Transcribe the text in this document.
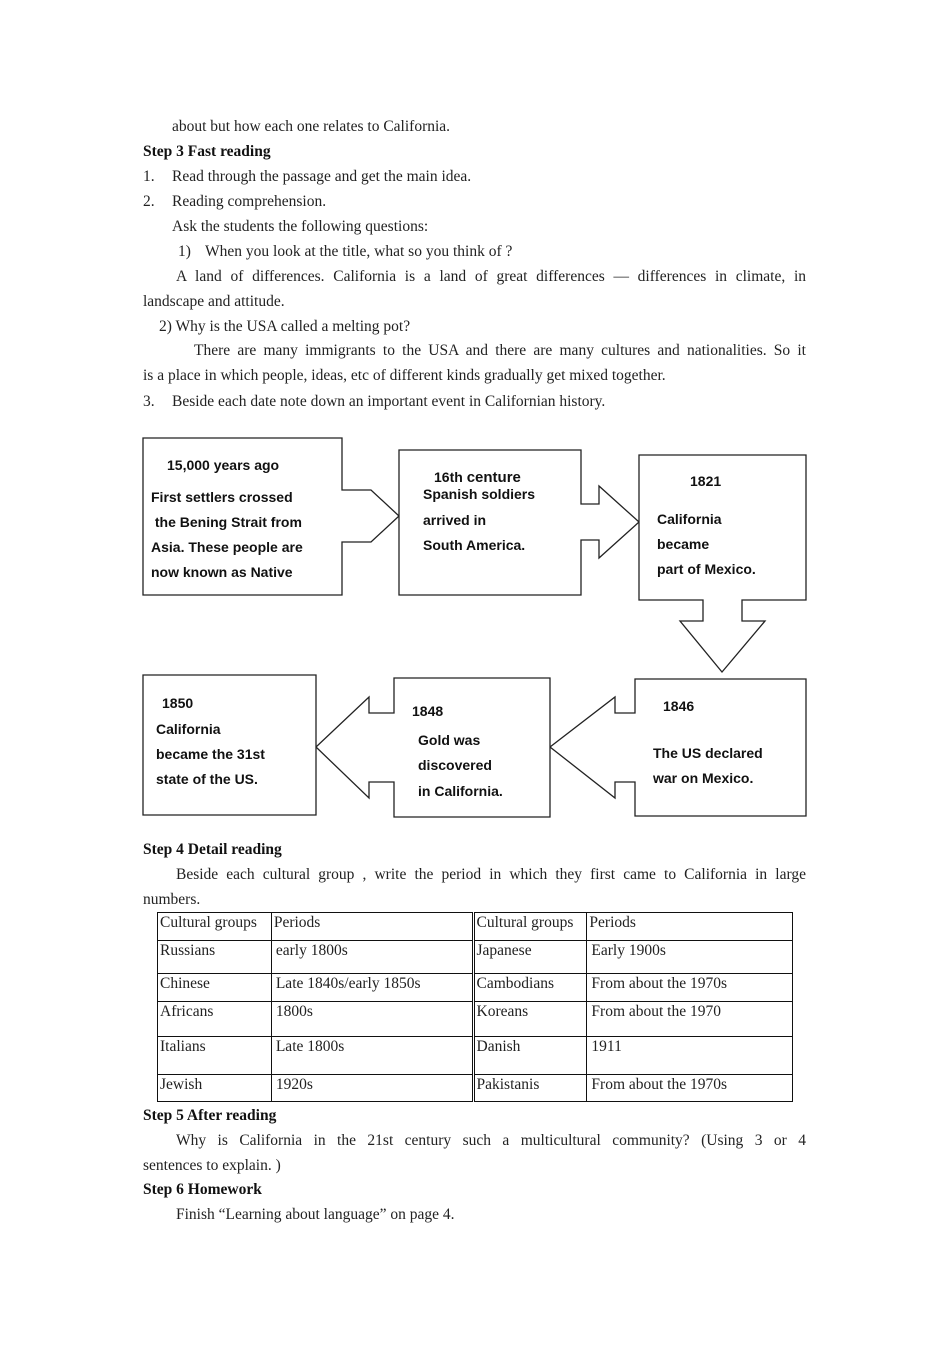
about but how each one relates to California.
Step 3 Fast reading
1. Read through the passage and get the main idea.
2. Reading comprehension.
Ask the students the following questions:
1) When you look at the title, what so you think of ?
A land of differences. California is a land of great differences — differences in climate, in
landscape and attitude.
2) Why is the USA called a melting pot?
There are many immigrants to the USA and there are many cultures and nationalities. So it
is a place in which people, ideas, etc of different kinds gradually get mixed together.
3. Beside each date note down an important event in Californian history.
15,000 years ago
First settlers crossed
the Bening Strait from
Asia. These people are
now known as Native
16th centure
Spanish soldiers
arrived in
South America.
1821
California
became
part of Mexico.
1846
The US declared
war on Mexico.
1848
Gold was
discovered
in California.
1850
California
became the 31st
state of the US.
Step 4 Detail reading
Beside each cultural group , write the period in which they first came to California in large
numbers.
Cultural groups	Periods	Cultural groups	Periods
Russians	early 1800s	Japanese	Early 1900s
Chinese	Late 1840s/early 1850s	Cambodians	From about the 1970s
Africans	1800s	Koreans	From about the 1970
Italians	Late 1800s	Danish	1911
Jewish	1920s	Pakistanis	From about the 1970s
Step 5 After reading
Why is California in the 21st century such a multicultural community? (Using 3 or 4
sentences to explain. )
Step 6 Homework
Finish “Learning about language” on page 4.
